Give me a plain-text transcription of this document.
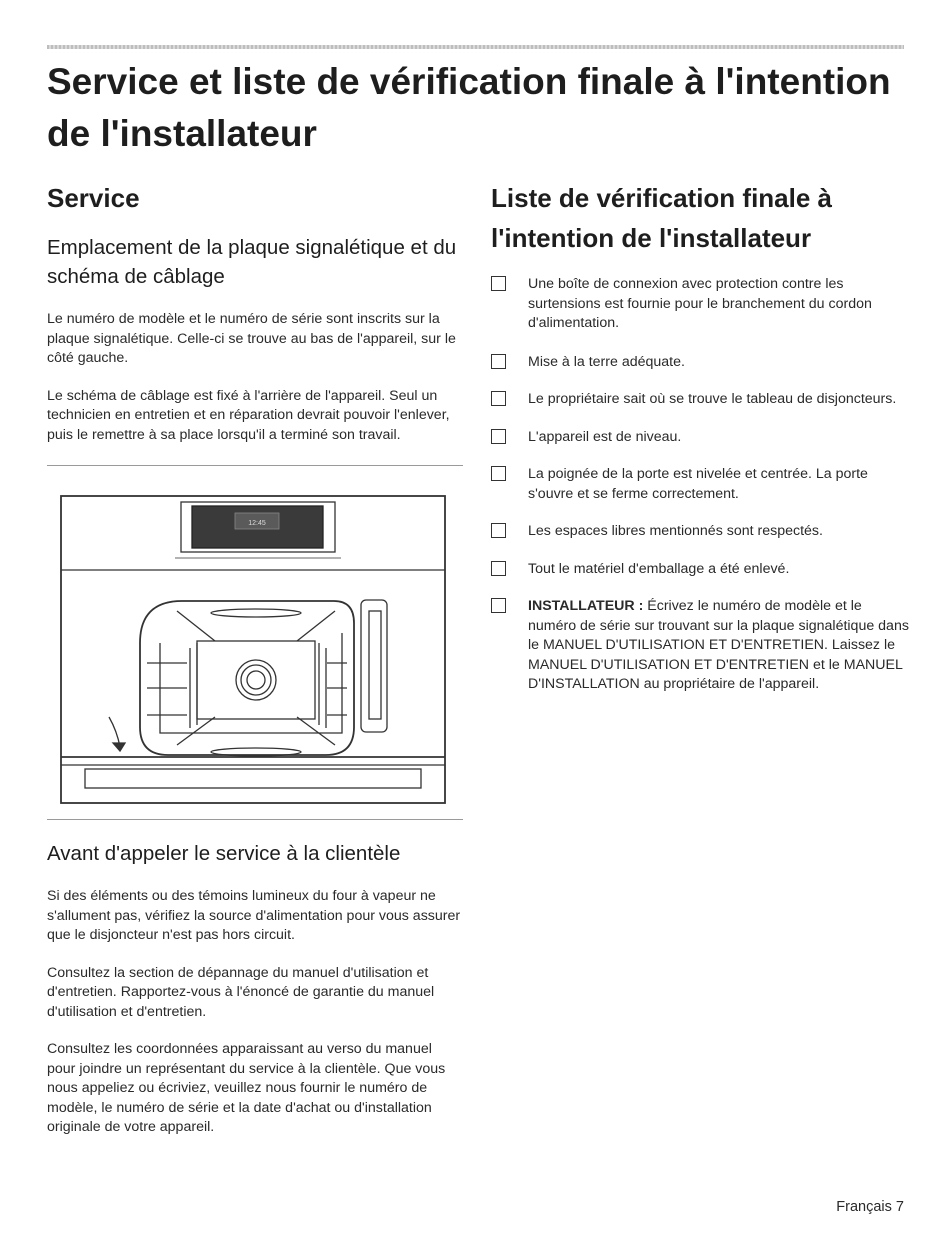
Service et liste de vérification finale à l'intention de l'installateur
Service
Emplacement de la plaque signalétique et du schéma de câblage

Le numéro de modèle et le numéro de série sont inscrits sur la plaque signalétique. Celle-ci se trouve au bas de l'appareil, sur le côté gauche.

Le schéma de câblage est fixé à l'arrière de l'appareil. Seul un technicien en entretien et en réparation devrait pouvoir l'enlever, puis le remettre à sa place lorsqu'il a terminé son travail.

12:45
Avant d'appeler le service à la clientèle

Si des éléments ou des témoins lumineux du four à vapeur ne s'allument pas, vérifiez la source d'alimentation pour vous assurer que le disjoncteur n'est pas hors circuit.

Consultez la section de dépannage du manuel d'utilisation et d'entretien. Rapportez-vous à l'énoncé de garantie du manuel d'utilisation et d'entretien.

Consultez les coordonnées apparaissant au verso du manuel pour joindre un représentant du service à la clientèle. Que vous nous appeliez ou écriviez, veuillez nous fournir le numéro de modèle, le numéro de série et la date d'achat ou d'installation originale de votre appareil.

Liste de vérification finale à l'intention de l'installateur
Une boîte de connexion avec protection contre les surtensions est fournie pour le branchement du cordon d'alimentation.
Mise à la terre adéquate.
Le propriétaire sait où se trouve le tableau de disjoncteurs.
L'appareil est de niveau.
La poignée de la porte est nivelée et centrée. La porte s'ouvre et se ferme correctement.
Les espaces libres mentionnés sont respectés.
Tout le matériel d'emballage a été enlevé.
INSTALLATEUR : Écrivez le numéro de modèle et le numéro de série sur trouvant sur la plaque signalétique dans le MANUEL D'UTILISATION ET D'ENTRETIEN. Laissez le MANUEL D'UTILISATION ET D'ENTRETIEN et le MANUEL D'INSTALLATION au propriétaire de l'appareil.
Français 7
